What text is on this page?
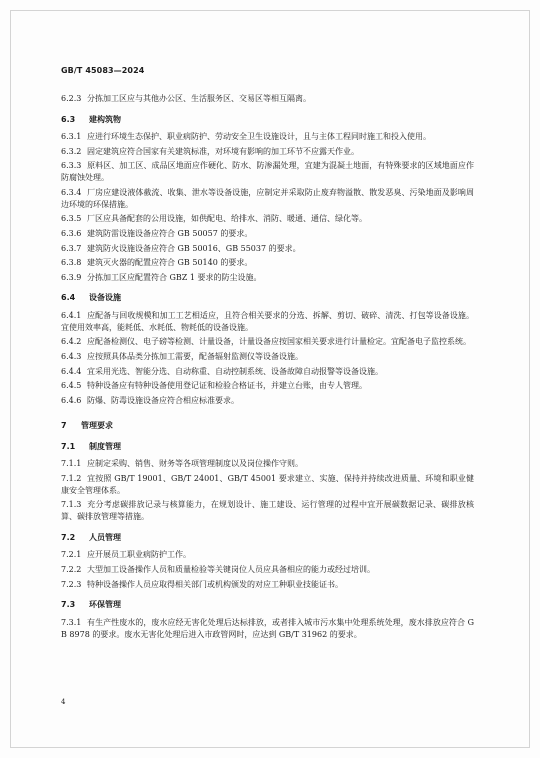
GB/T 45083—2024
6.2.3 分拣加工区应与其他办公区、生活服务区、交易区等相互隔离。
6.3 建构筑物
6.3.1 应进行环境生态保护、职业病防护、劳动安全卫生设施设计，且与主体工程同时施工和投入使用。
6.3.2 固定建筑应符合国家有关建筑标准，对环境有影响的加工环节不应露天作业。
6.3.3 原料区、加工区、成品区地面应作硬化、防水、防渗漏处理，宜建为混凝土地面，有特殊要求的区域地面应作防腐蚀处理。
6.3.4 厂房应建设液体截流、收集、泄水等设备设施，应制定并采取防止废弃物溢散、散发恶臭、污染地面及影响周边环境的环保措施。
6.3.5 厂区应具备配套的公用设施，如供配电、给排水、消防、暖通、通信、绿化等。
6.3.6 建筑防雷设施设备应符合 GB 50057 的要求。
6.3.7 建筑防火设施设备应符合 GB 50016、GB 55037 的要求。
6.3.8 建筑灭火器的配置应符合 GB 50140 的要求。
6.3.9 分拣加工区应配置符合 GBZ 1 要求的防尘设施。
6.4 设备设施
6.4.1 应配备与回收规模和加工工艺相适应，且符合相关要求的分选、拆解、剪切、破碎、清洗、打包等设备设施。宜使用效率高，能耗低、水耗低、物耗低的设备设施。
6.4.2 应配备检测仪、电子磅等检测、计量设备，计量设备应按国家相关要求进行计量检定。宜配备电子监控系统。
6.4.3 应按照具体品类分拣加工需要，配备辐射监测仪等设备设施。
6.4.4 宜采用光选、智能分选、自动称重、自动控制系统、设备故障自动报警等设备设施。
6.4.5 特种设备应有特种设备使用登记证和检验合格证书，并建立台账，由专人管理。
6.4.6 防爆、防毒设施设备应符合相应标准要求。
7 管理要求
7.1 制度管理
7.1.1 应制定采购、销售、财务等各项管理制度以及岗位操作守则。
7.1.2 宜按照 GB/T 19001、GB/T 24001、GB/T 45001 要求建立、实施、保持并持续改进质量、环境和职业健康安全管理体系。
7.1.3 充分考虑碳排放记录与核算能力，在规划设计、施工建设、运行管理的过程中宜开展碳数据记录、碳排放核算、碳排放管理等措施。
7.2 人员管理
7.2.1 应开展员工职业病防护工作。
7.2.2 大型加工设备操作人员和质量检验等关键岗位人员应具备相应的能力或经过培训。
7.2.3 特种设备操作人员应取得相关部门或机构颁发的对应工种职业技能证书。
7.3 环保管理
7.3.1 有生产性废水的，废水应经无害化处理后达标排放，或者排入城市污水集中处理系统处理，废水排放应符合 GB 8978 的要求。废水无害化处理后进入市政管网时，应达到 GB/T 31962 的要求。
4
